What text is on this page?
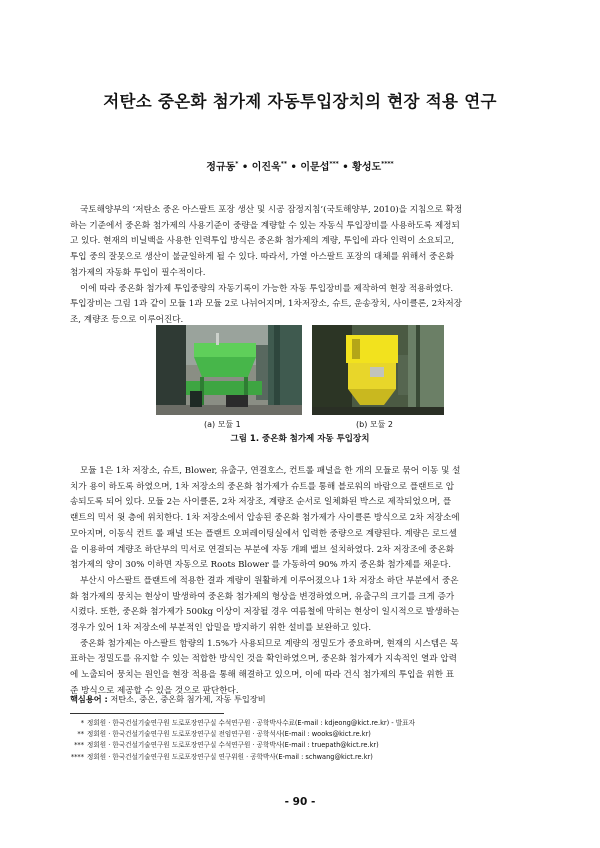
저탄소 중온화 첨가제 자동투입장치의 현장 적용 연구
정규동* • 이진욱** • 이문섭*** • 황성도****

국토해양부의 ‘저탄소 중온 아스팔트 포장 생산 및 시공 잠정지침’(국토해양부, 2010)을 지침으로 확정

하는 기준에서 중온화 첨가제의 사용기준이 중량을 계량할 수 있는 자동식 투입장비를 사용하도록 제정되

고 있다. 현재의 비닐백을 사용한 인력투입 방식은 중온화 첨가제의 계량, 투입에 과다 인력이 소요되고,

투입 중의 잘못으로 생산이 불균일하게 될 수 있다. 따라서, 가열 아스팔트 포장의 대체를 위해서 중온화

첨가제의 자동화 투입이 필수적이다.

이에 따라 중온화 첨가제 투입중량의 자동기록이 가능한 자동 투입장비를 제작하여 현장 적용하였다.

투입장비는 그림 1과 같이 모듈 1과 모듈 2로 나뉘어지며, 1차저장소, 슈트, 운송장치, 사이클론, 2차저장

조, 계량조 등으로 이루어진다.

(a) 모듈 1	(b) 모듈 2
그림 1. 중온화 첨가제 자동 투입장치

모듈 1은 1차 저장소, 슈트, Blower, 유출구, 연결호스, 컨트롤 패널을 한 개의 모듈로 묶어 이동 및 설

치가 용이 하도록 하였으며, 1차 저장소의 중온화 첨가제가 슈트를 통해 블로워의 바람으로 플랜트로 압

송되도록 되어 있다. 모듈 2는 사이클론, 2차 저장조, 계량조 순서로 일체화된 박스로 제작되었으며, 플

랜트의 믹서 윗 층에 위치한다. 1차 저장소에서 압송된 중온화 첨가제가 사이클론 방식으로 2차 저장소에

모아지며, 이동식 컨트 롤 패널 또는 플랜트 오퍼레이팅실에서 입력한 중량으로 계량된다. 계량은 로드셀

을 이용하여 계량조 하단부의 믹서로 연결되는 부분에 자동 개폐 밸브 설치하였다. 2차 저장조에 중온화

첨가제의 양이 30% 이하면 자동으로 Roots Blower 를 가동하여 90% 까지 중온화 첨가제를 채운다.

부산시 아스팔트 플랜트에 적용한 결과 계량이 원활하게 이루어졌으나 1차 저장소 하단 부분에서 중온

화 첨가제의 뭉치는 현상이 발생하여 중온화 첨가제의 형상을 변경하였으며, 유출구의 크기를 크게 증가

시켰다. 또한, 중온화 첨가제가 500kg 이상이 저장될 경우 여름철에 막히는 현상이 일시적으로 발생하는

경우가 있어 1차 저장소에 부분적인 압밀을 방지하기 위한 설비를 보완하고 있다.

중온화 첨가제는 아스팔트 함량의 1.5%가 사용되므로 계량의 정밀도가 중요하며, 현재의 시스템은 목

표하는 정밀도를 유지할 수 있는 적합한 방식인 것을 확인하였으며, 중온화 첨가제가 지속적인 열과 압력

에 노출되어 뭉치는 원인을 현장 적용을 통해 해결하고 있으며, 이에 따라 건식 첨가제의 투입을 위한 표

준 방식으로 제공할 수 있을 것으로 판단한다.

핵심용어 : 저탄소, 중온, 중온화 첨가제, 자동 투입장비
* 정회원 · 한국건설기술연구원 도로포장연구실 수석연구원 · 공학박사수료(E-mail : kdjeong@kict.re.kr) - 발표자
** 정회원 · 한국건설기술연구원 도로포장연구실 전임연구원 · 공학석사(E-mail : wooks@kict.re.kr)
*** 정회원 · 한국건설기술연구원 도로포장연구실 수석연구원 · 공학박사(E-mail : truepath@kict.re.kr)
**** 정회원 · 한국건설기술연구원 도로포장연구실 연구위원 · 공학박사(E-mail : schwang@kict.re.kr)
- 90 -
